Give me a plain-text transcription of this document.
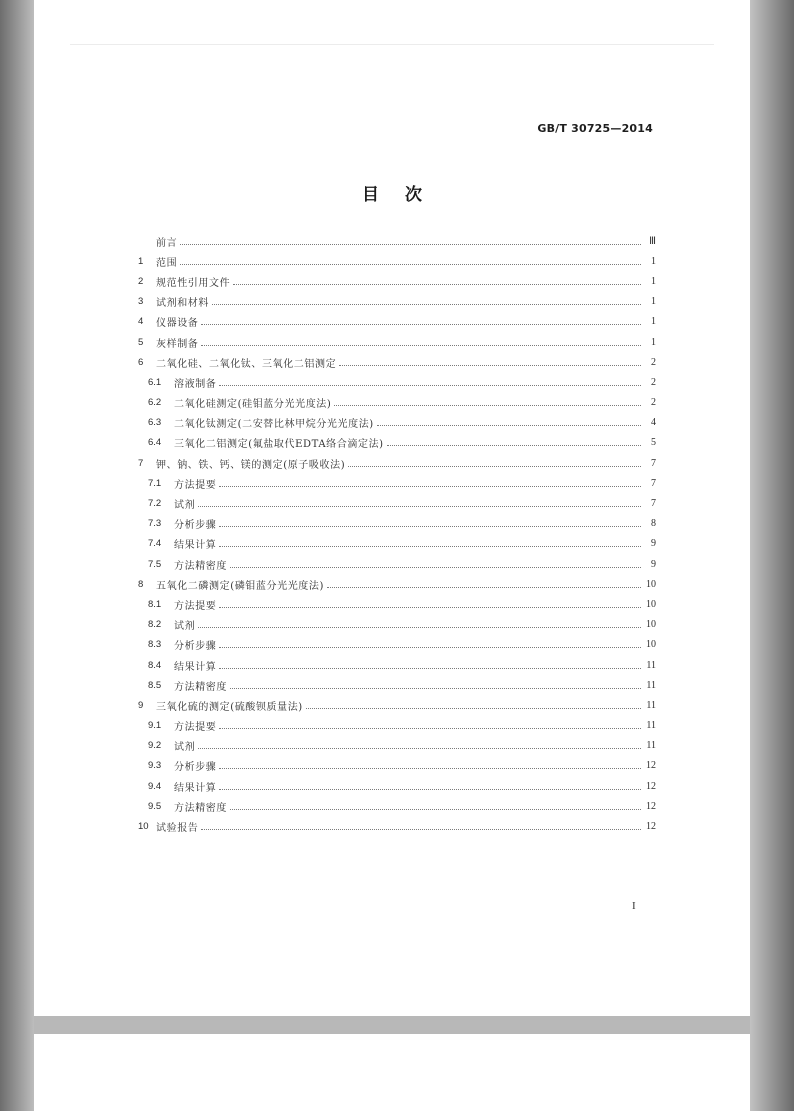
GB/T 30725—2014
目次
前言	Ⅲ
1	范围	1
2	规范性引用文件	1
3	试剂和材料	1
4	仪器设备	1
5	灰样制备	1
6	二氧化硅、二氧化钛、三氧化二铝测定	2
6.1	溶液制备	2
6.2	二氧化硅测定(硅钼蓝分光光度法)	2
6.3	二氧化钛测定(二安替比林甲烷分光光度法)	4
6.4	三氧化二铝测定(氟盐取代EDTA络合滴定法)	5
7	钾、钠、铁、钙、镁的测定(原子吸收法)	7
7.1	方法提要	7
7.2	试剂	7
7.3	分析步骤	8
7.4	结果计算	9
7.5	方法精密度	9
8	五氧化二磷测定(磷钼蓝分光光度法)	10
8.1	方法提要	10
8.2	试剂	10
8.3	分析步骤	10
8.4	结果计算	11
8.5	方法精密度	11
9	三氧化硫的测定(硫酸钡质量法)	11
9.1	方法提要	11
9.2	试剂	11
9.3	分析步骤	12
9.4	结果计算	12
9.5	方法精密度	12
10 试验报告	12
I
